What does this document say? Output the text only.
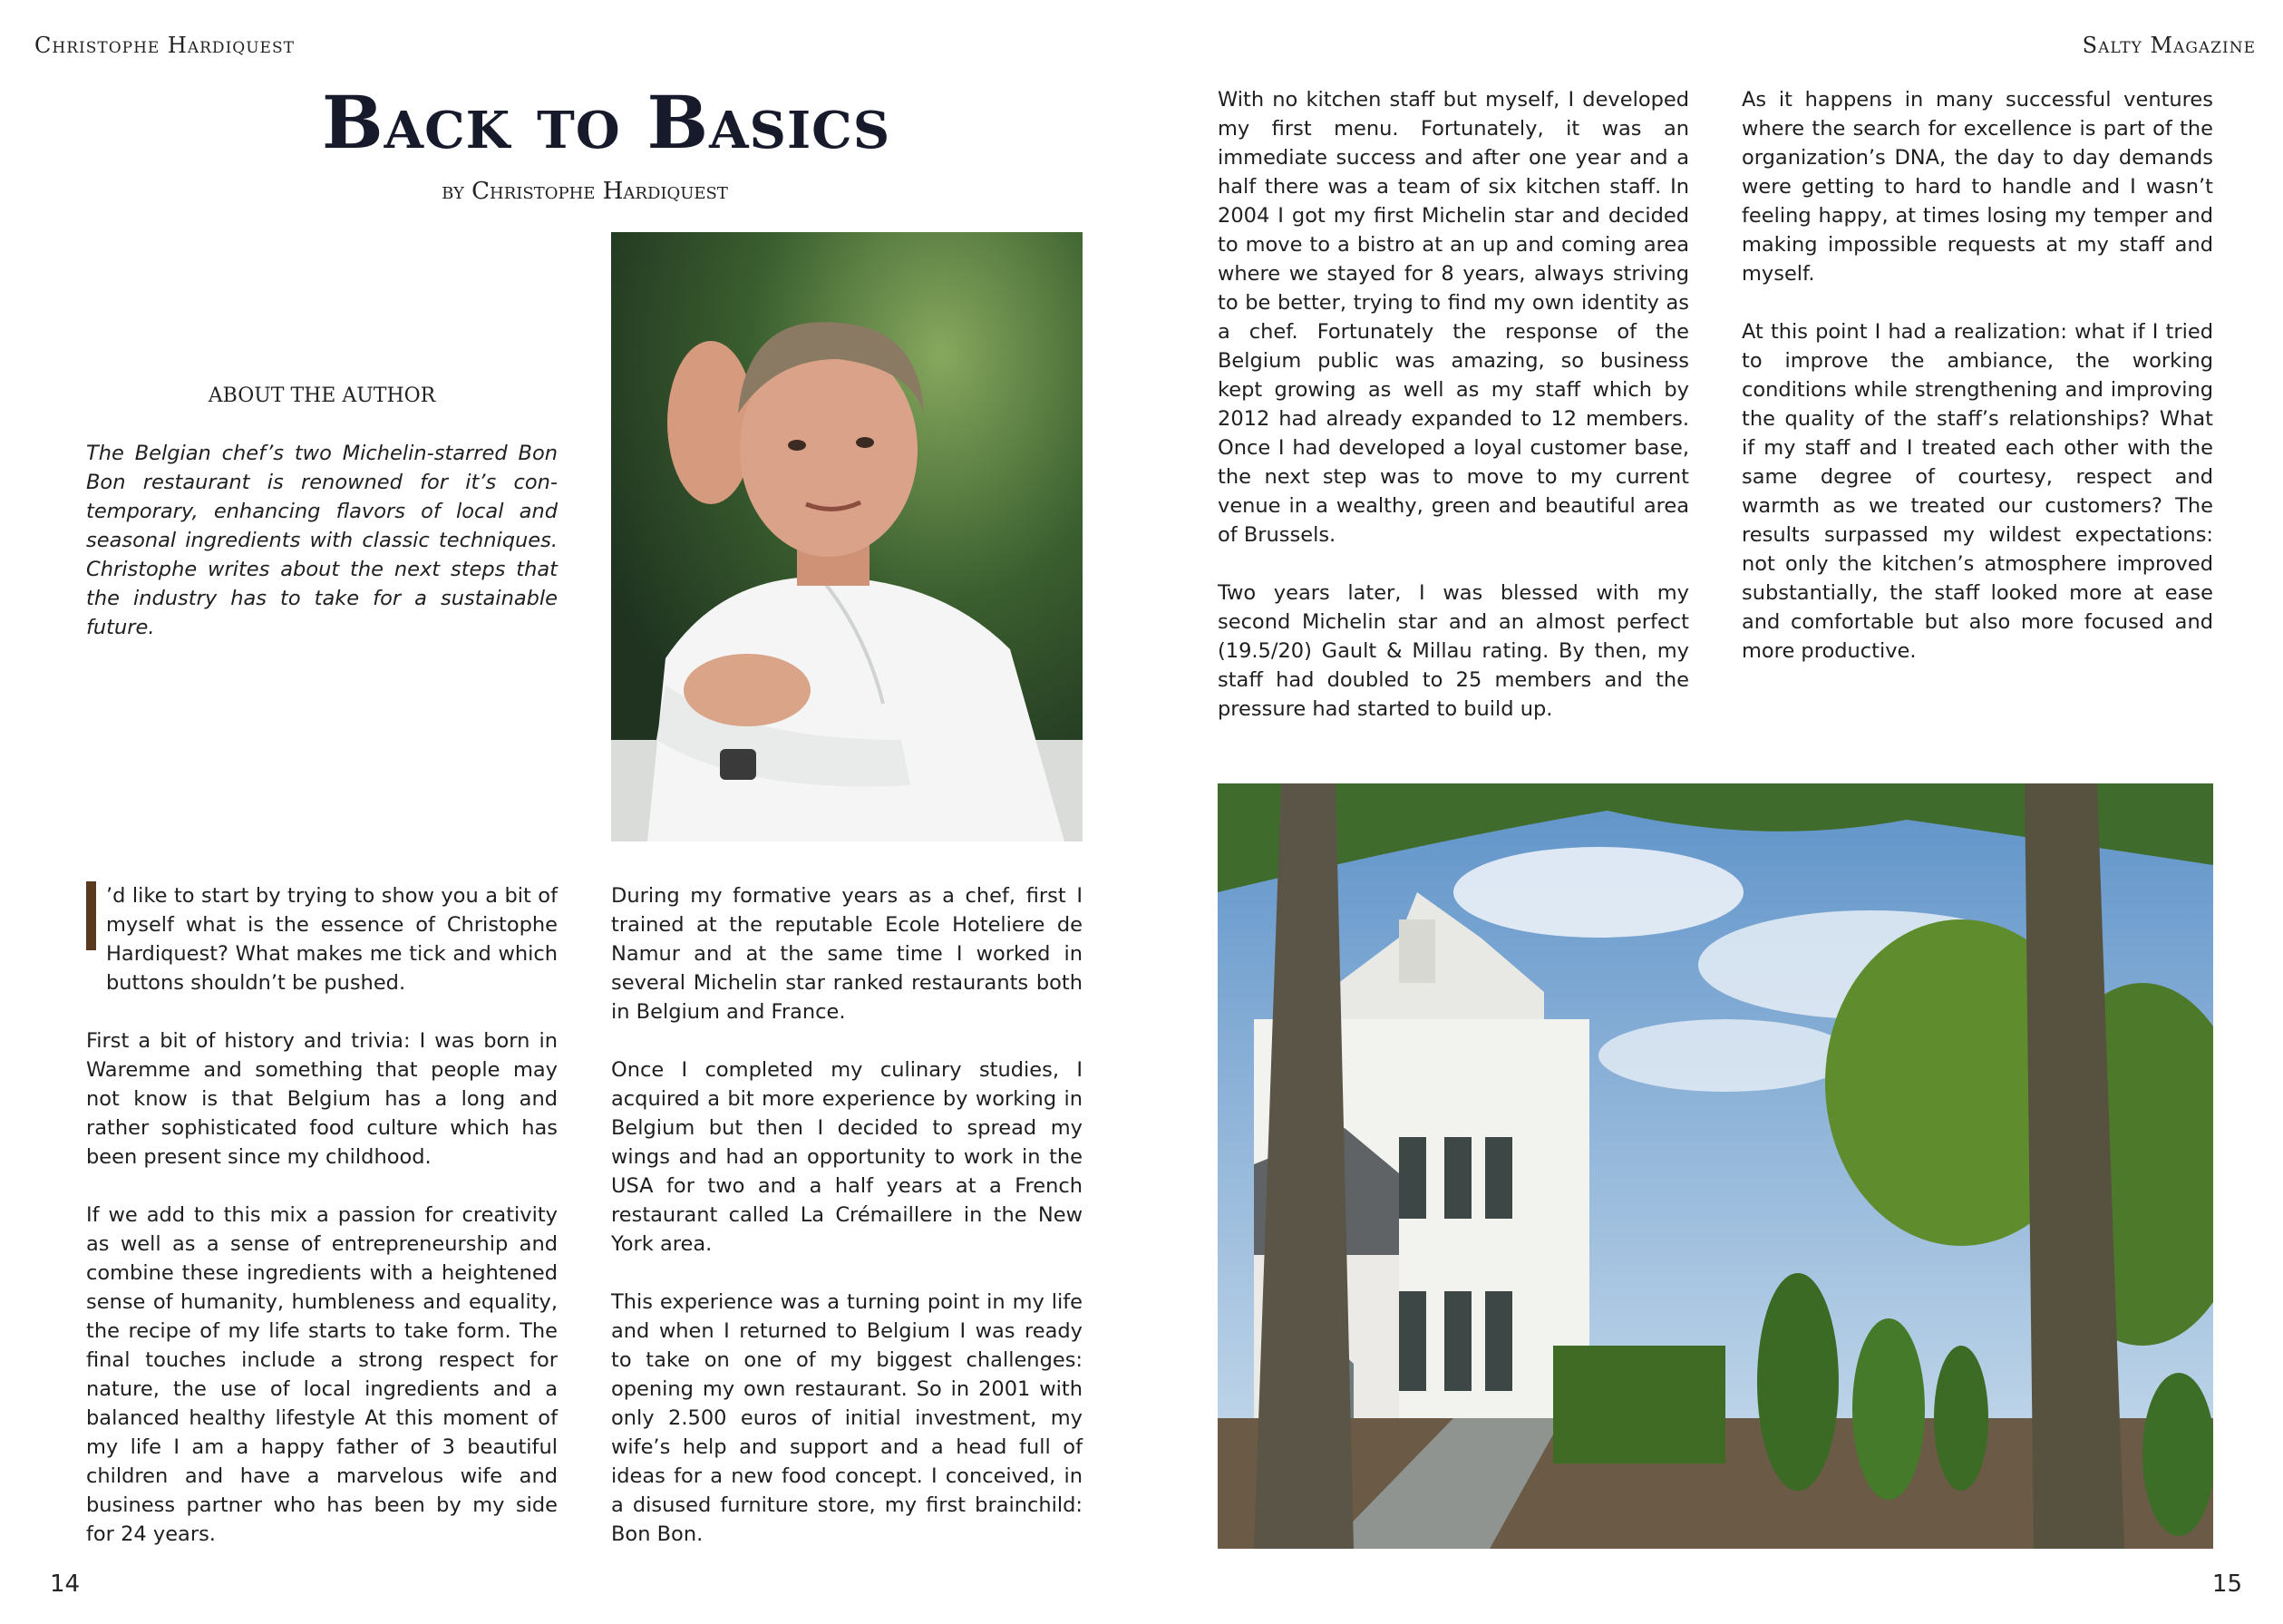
Christophe Hardiquest	Salty Magazine
Back to Basics
by Christophe Hardiquest
ABOUT THE AUTHOR

The Belgian chef’s two Michelin-starred Bon Bon restaurant is renowned for it’s con-temporary, enhancing flavors of local and seasonal ingredients with classic techniques. Christophe writes about the next steps that the industry has to take for a sustainable future.

’d like to start by trying to show you a bit of myself what is the essence of Christophe Hardiquest? What makes me tick and which buttons shouldn’t be pushed.

First a bit of history and trivia: I was born in Waremme and something that people may not know is that Belgium has a long and rather sophisticated food culture which has been present since my childhood.

If we add to this mix a passion for creativity as well as a sense of entrepreneurship and combine these ingredients with a heightened sense of humanity, humbleness and equality, the recipe of my life starts to take form. The final touches include a strong respect for nature, the use of local ingredients and a balanced healthy lifestyle At this moment of my life I am a happy father of 3 beautiful children and have a marvelous wife and business partner who has been by my side for 24 years.

During my formative years as a chef, first I trained at the reputable Ecole Hoteliere de Namur and at the same time I worked in several Michelin star ranked restaurants both in Belgium and France.

Once I completed my culinary studies, I acquired a bit more experience by working in Belgium but then I decided to spread my wings and had an opportunity to work in the USA for two and a half years at a French restaurant called La Crémaillere in the New York area.

This experience was a turning point in my life and when I returned to Belgium I was ready to take on one of my biggest challenges: opening my own restaurant. So in 2001 with only 2.500 euros of initial investment, my wife’s help and support and a head full of ideas for a new food concept. I conceived, in a disused furniture store, my first brainchild: Bon Bon.

With no kitchen staff but myself, I developed my first menu. Fortunately, it was an immediate success and after one year and a half there was a team of six kitchen staff. In 2004 I got my first Michelin star and decided to move to a bistro at an up and coming area where we stayed for 8 years, always striving to be better, trying to find my own identity as a chef. Fortunately the response of the Belgium public was amazing, so business kept growing as well as my staff which by 2012 had already expanded to 12 members. Once I had developed a loyal customer base, the next step was to move to my current venue in a wealthy, green and beautiful area of Brussels.

Two years later, I was blessed with my second Michelin star and an almost perfect (19.5/20) Gault & Millau rating. By then, my staff had doubled to 25 members and the pressure had started to build up.

As it happens in many successful ventures where the search for excellence is part of the organization’s DNA, the day to day demands were getting to hard to handle and I wasn’t feeling happy, at times losing my temper and making impossible requests at my staff and myself.

At this point I had a realization: what if I tried to improve the ambiance, the working conditions while strengthening and improving the quality of the staff’s relationships? What if my staff and I treated each other with the same degree of courtesy, respect and warmth as we treated our customers? The results surpassed my wildest expectations: not only the kitchen’s atmosphere improved substantially, the staff looked more at ease and comfortable but also more focused and more productive.

14	15
